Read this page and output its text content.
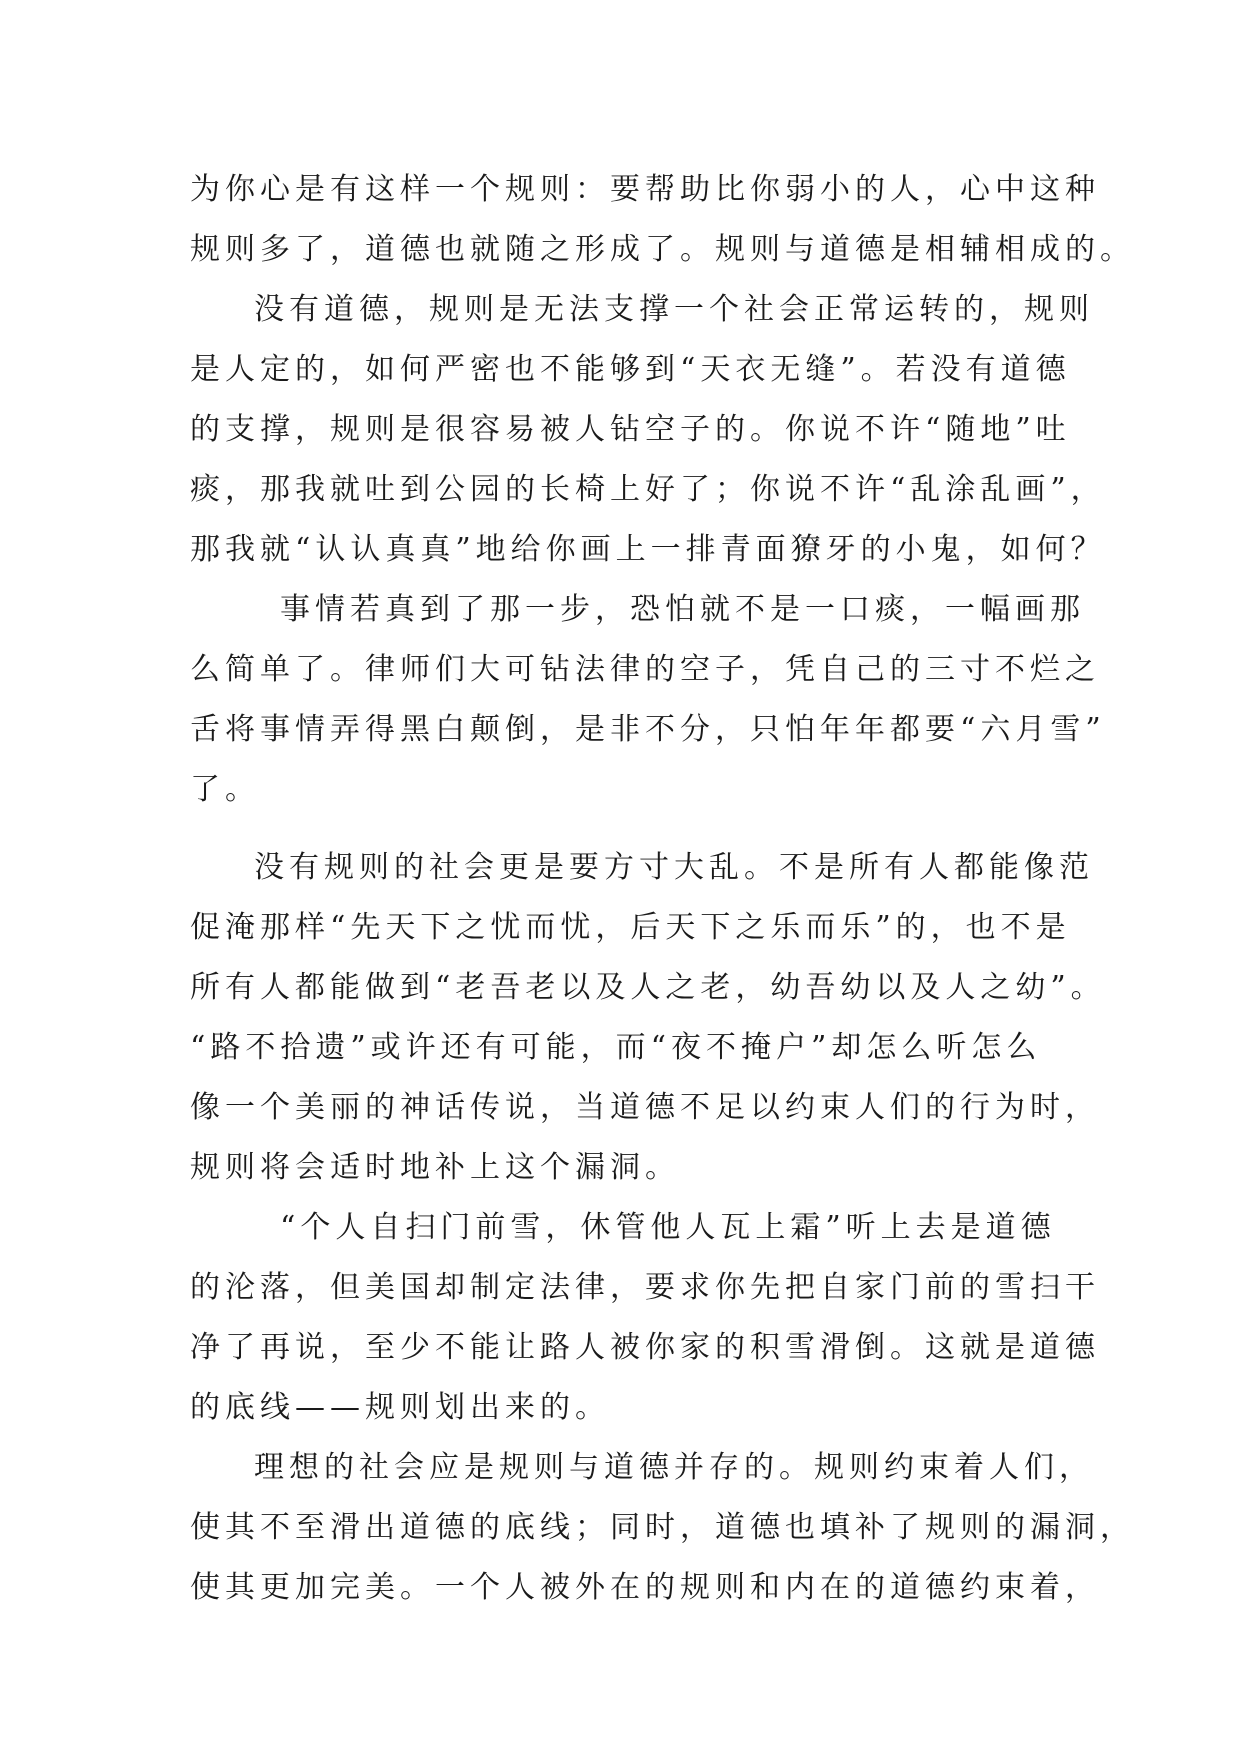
为你心是有这样一个规则：要帮助比你弱小的人，心中这种
规则多了，道德也就随之形成了。规则与道德是相辅相成的。
没有道德，规则是无法支撑一个社会正常运转的，规则
是人定的，如何严密也不能够到“天衣无缝”。若没有道德
的支撑，规则是很容易被人钻空子的。你说不许“随地”吐
痰，那我就吐到公园的长椅上好了；你说不许“乱涂乱画”，
那我就“认认真真”地给你画上一排青面獠牙的小鬼，如何？
事情若真到了那一步，恐怕就不是一口痰，一幅画那
么简单了。律师们大可钻法律的空子，凭自己的三寸不烂之
舌将事情弄得黑白颠倒，是非不分，只怕年年都要“六月雪”
了。
没有规则的社会更是要方寸大乱。不是所有人都能像范
促淹那样“先天下之忧而忧，后天下之乐而乐”的，也不是
所有人都能做到“老吾老以及人之老，幼吾幼以及人之幼”。
“路不拾遗”或许还有可能，而“夜不掩户”却怎么听怎么
像一个美丽的神话传说，当道德不足以约束人们的行为时，
规则将会适时地补上这个漏洞。
“个人自扫门前雪，休管他人瓦上霜”听上去是道德
的沦落，但美国却制定法律，要求你先把自家门前的雪扫干
净了再说，至少不能让路人被你家的积雪滑倒。这就是道德
的底线——规则划出来的。
理想的社会应是规则与道德并存的。规则约束着人们，
使其不至滑出道德的底线；同时，道德也填补了规则的漏洞，
使其更加完美。一个人被外在的规则和内在的道德约束着，
